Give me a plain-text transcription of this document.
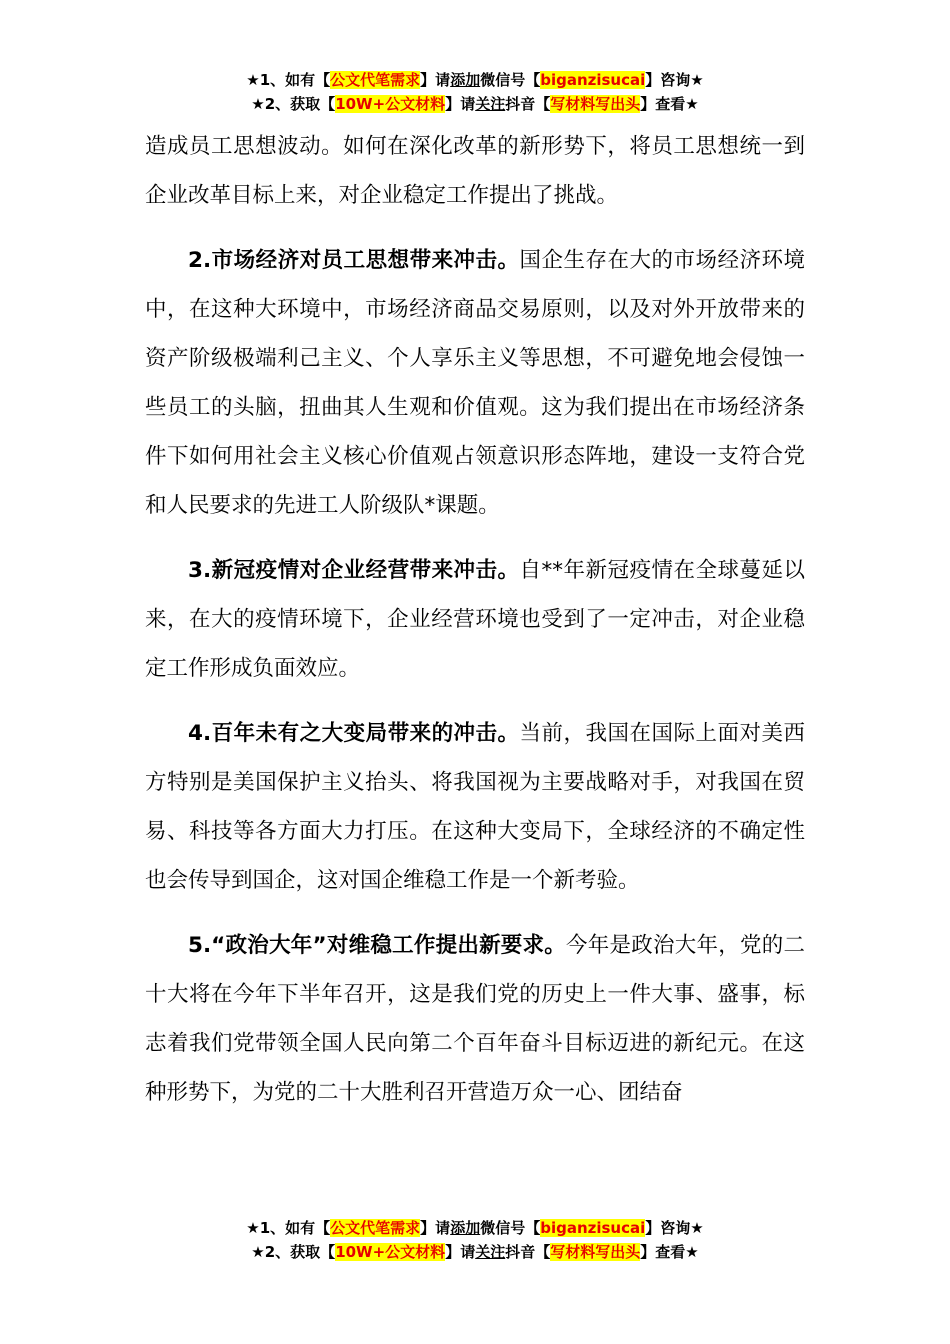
★1、如有【公文代笔需求】请添加微信号【biganzisucai】咨询★
★2、获取【10W+公文材料】请关注抖音【写材料写出头】查看★

造成员工思想波动。如何在深化改革的新形势下，将员工思想统一到企业改革目标上来，对企业稳定工作提出了挑战。

2.市场经济对员工思想带来冲击。国企生存在大的市场经济环境中，在这种大环境中，市场经济商品交易原则，以及对外开放带来的资产阶级极端利己主义、个人享乐主义等思想，不可避免地会侵蚀一些员工的头脑，扭曲其人生观和价值观。这为我们提出在市场经济条件下如何用社会主义核心价值观占领意识形态阵地，建设一支符合党和人民要求的先进工人阶级队*课题。

3.新冠疫情对企业经营带来冲击。自**年新冠疫情在全球蔓延以来，在大的疫情环境下，企业经营环境也受到了一定冲击，对企业稳定工作形成负面效应。

4.百年未有之大变局带来的冲击。当前，我国在国际上面对美西方特别是美国保护主义抬头、将我国视为主要战略对手，对我国在贸易、科技等各方面大力打压。在这种大变局下，全球经济的不确定性也会传导到国企，这对国企维稳工作是一个新考验。

5.“政治大年”对维稳工作提出新要求。今年是政治大年，党的二十大将在今年下半年召开，这是我们党的历史上一件大事、盛事，标志着我们党带领全国人民向第二个百年奋斗目标迈进的新纪元。在这种形势下，为党的二十大胜利召开营造万众一心、团结奋

★1、如有【公文代笔需求】请添加微信号【biganzisucai】咨询★
★2、获取【10W+公文材料】请关注抖音【写材料写出头】查看★
